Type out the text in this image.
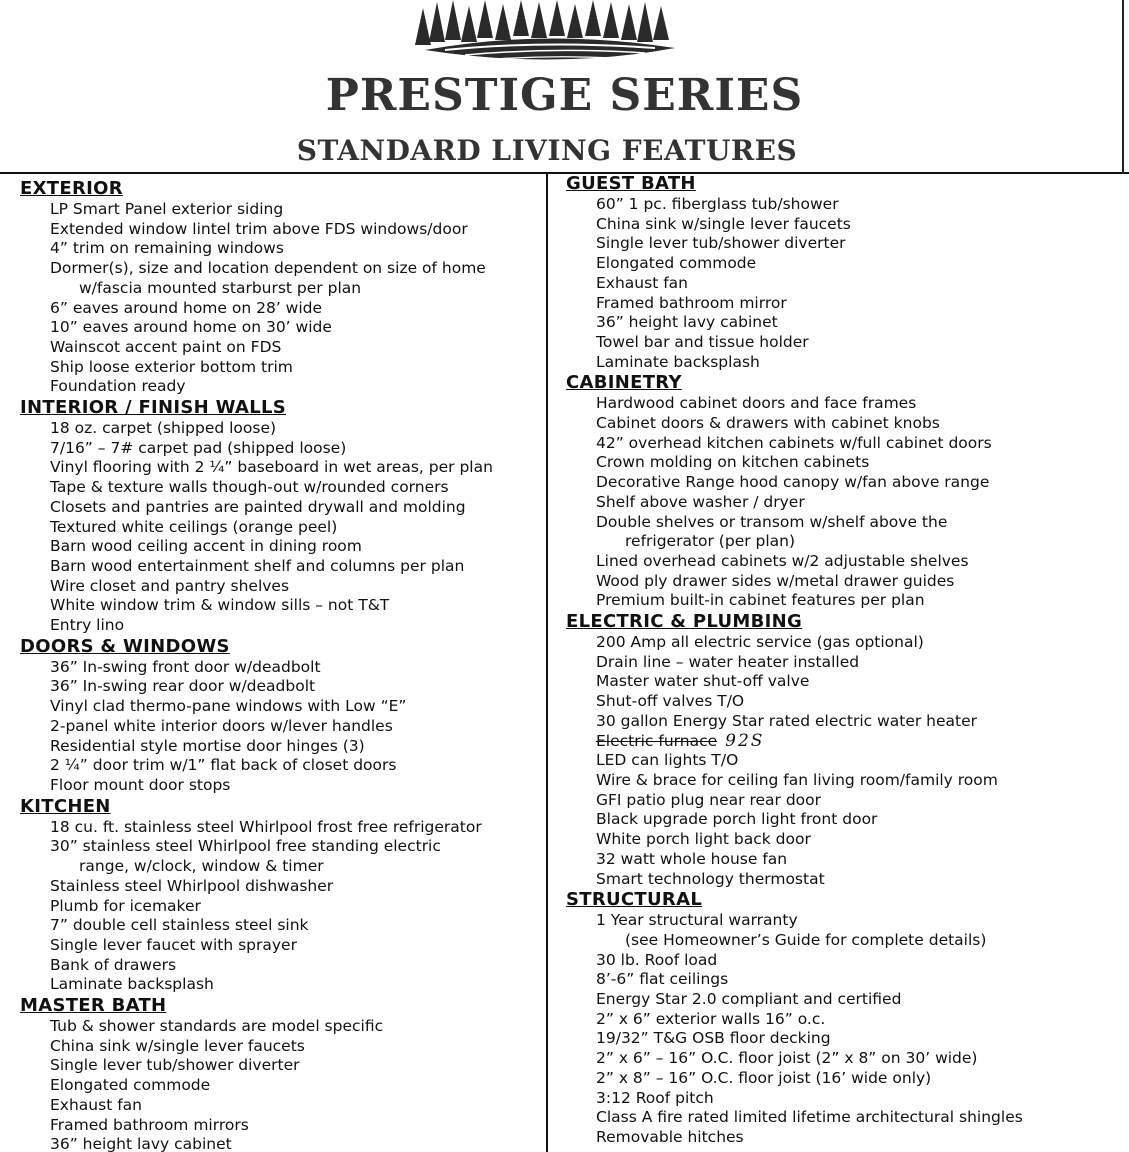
PRESTIGE SERIES
STANDARD LIVING FEATURES
EXTERIOR
LP Smart Panel exterior siding
Extended window lintel trim above FDS windows/door
4” trim on remaining windows
Dormer(s), size and location dependent on size of home
w/fascia mounted starburst per plan
6” eaves around home on 28’ wide
10” eaves around home on 30’ wide
Wainscot accent paint on FDS
Ship loose exterior bottom trim
Foundation ready
INTERIOR / FINISH WALLS
18 oz. carpet (shipped loose)
7/16” – 7# carpet pad (shipped loose)
Vinyl flooring with 2 ¼” baseboard in wet areas, per plan
Tape & texture walls though-out w/rounded corners
Closets and pantries are painted drywall and molding
Textured white ceilings (orange peel)
Barn wood ceiling accent in dining room
Barn wood entertainment shelf and columns per plan
Wire closet and pantry shelves
White window trim & window sills – not T&T
Entry lino
DOORS & WINDOWS
36” In-swing front door w/deadbolt
36” In-swing rear door w/deadbolt
Vinyl clad thermo-pane windows with Low “E”
2-panel white interior doors w/lever handles
Residential style mortise door hinges (3)
2 ¼” door trim w/1” flat back of closet doors
Floor mount door stops
KITCHEN
18 cu. ft. stainless steel Whirlpool frost free refrigerator
30” stainless steel Whirlpool free standing electric
range, w/clock, window & timer
Stainless steel Whirlpool dishwasher
Plumb for icemaker
7” double cell stainless steel sink
Single lever faucet with sprayer
Bank of drawers
Laminate backsplash
MASTER BATH
Tub & shower standards are model specific
China sink w/single lever faucets
Single lever tub/shower diverter
Elongated commode
Exhaust fan
Framed bathroom mirrors
36” height lavy cabinet
GUEST BATH
60” 1 pc. fiberglass tub/shower
China sink w/single lever faucets
Single lever tub/shower diverter
Elongated commode
Exhaust fan
Framed bathroom mirror
36” height lavy cabinet
Towel bar and tissue holder
Laminate backsplash
CABINETRY
Hardwood cabinet doors and face frames
Cabinet doors & drawers with cabinet knobs
42” overhead kitchen cabinets w/full cabinet doors
Crown molding on kitchen cabinets
Decorative Range hood canopy w/fan above range
Shelf above washer / dryer
Double shelves or transom w/shelf above the
refrigerator (per plan)
Lined overhead cabinets w/2 adjustable shelves
Wood ply drawer sides w/metal drawer guides
Premium built-in cabinet features per plan
ELECTRIC & PLUMBING
200 Amp all electric service (gas optional)
Drain line – water heater installed
Master water shut-off valve
Shut-off valves T/O
30 gallon Energy Star rated electric water heater
Electric furnace 92S
LED can lights T/O
Wire & brace for ceiling fan living room/family room
GFI patio plug near rear door
Black upgrade porch light front door
White porch light back door
32 watt whole house fan
Smart technology thermostat
STRUCTURAL
1 Year structural warranty
(see Homeowner’s Guide for complete details)
30 lb. Roof load
8’-6” flat ceilings
Energy Star 2.0 compliant and certified
2” x 6” exterior walls 16” o.c.
19/32” T&G OSB floor decking
2” x 6” – 16” O.C. floor joist (2” x 8” on 30’ wide)
2” x 8” – 16” O.C. floor joist (16’ wide only)
3:12 Roof pitch
Class A fire rated limited lifetime architectural shingles
Removable hitches
